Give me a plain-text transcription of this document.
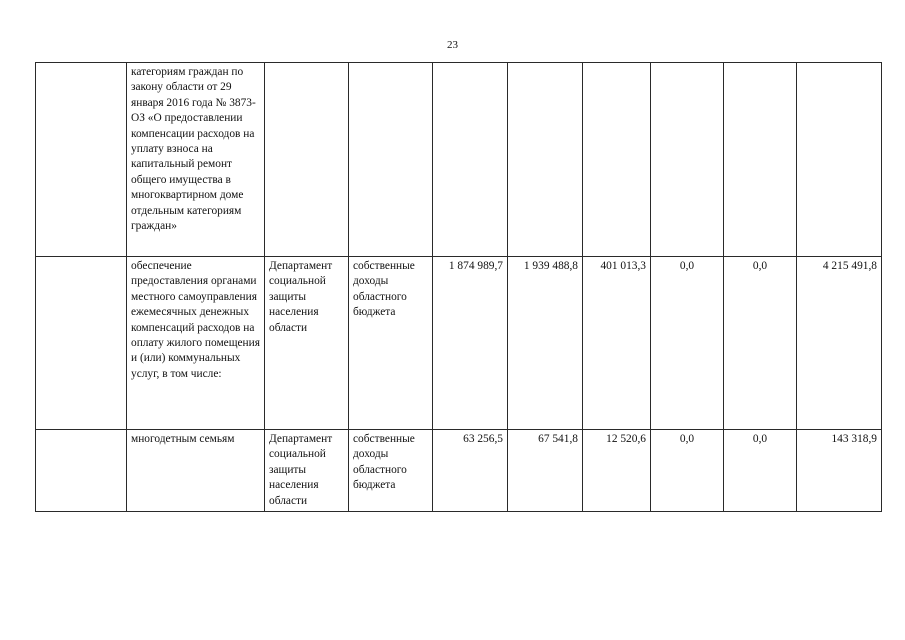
23

	категориям граждан по закону области от 29 января 2016 года № 3873-ОЗ «О предоставлении компенсации расходов на уплату взноса на капитальный ремонт общего имущества в многоквартирном доме отдельным категориям граждан»								

	обеспечение предоставления органами местного самоуправления ежемесячных денежных компенсаций расходов на оплату жилого помещения и (или) коммунальных услуг, в том числе:	Департамент социальной защиты населения области	собственные доходы областного бюджета	1 874 989,7	1 939 488,8	401 013,3	0,0	0,0	4 215 491,8

	многодетным семьям	Департамент социальной защиты населения области	собственные доходы областного бюджета	63 256,5	67 541,8	12 520,6	0,0	0,0	143 318,9
